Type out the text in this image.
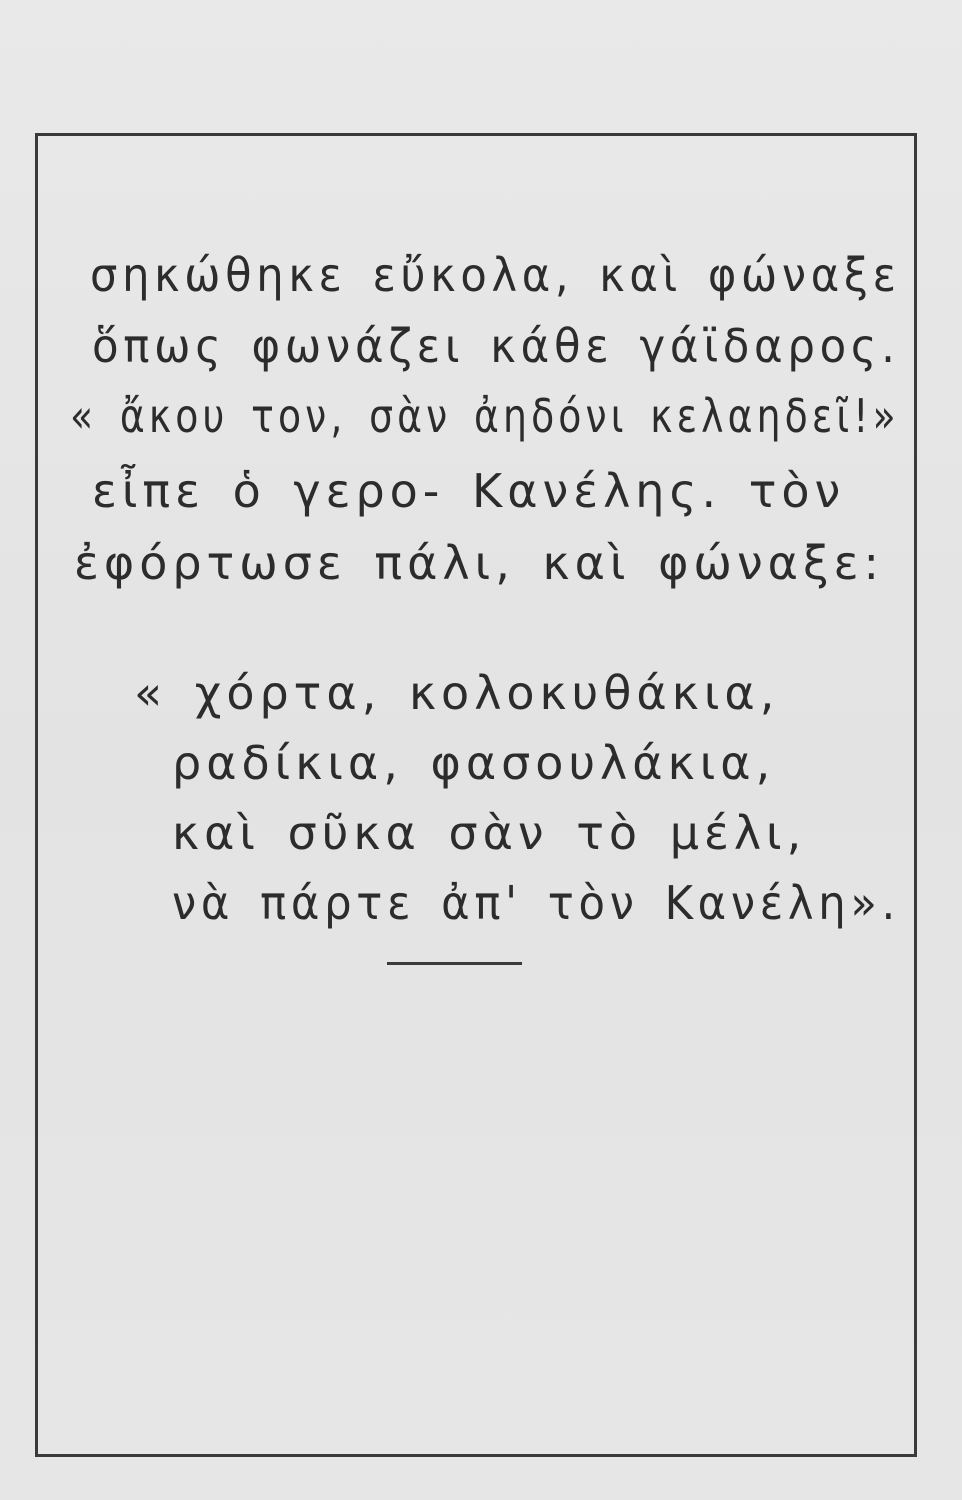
σηκώθηκε εὔκολα, καὶ φώναξε
ὅπως φωνάζει κάθε γάϊδαρος.
« ἄκου τον, σὰν ἀηδόνι κελαηδεῖ!»
εἶπε ὁ γερο- Κανέλης. τὸν
ἐφόρτωσε πάλι, καὶ φώναξε:
« χόρτα, κολοκυθάκια,
ραδίκια, φασουλάκια,
καὶ σῦκα σὰν τὸ μέλι,
νὰ πάρτε ἀπ' τὸν Κανέλη».
